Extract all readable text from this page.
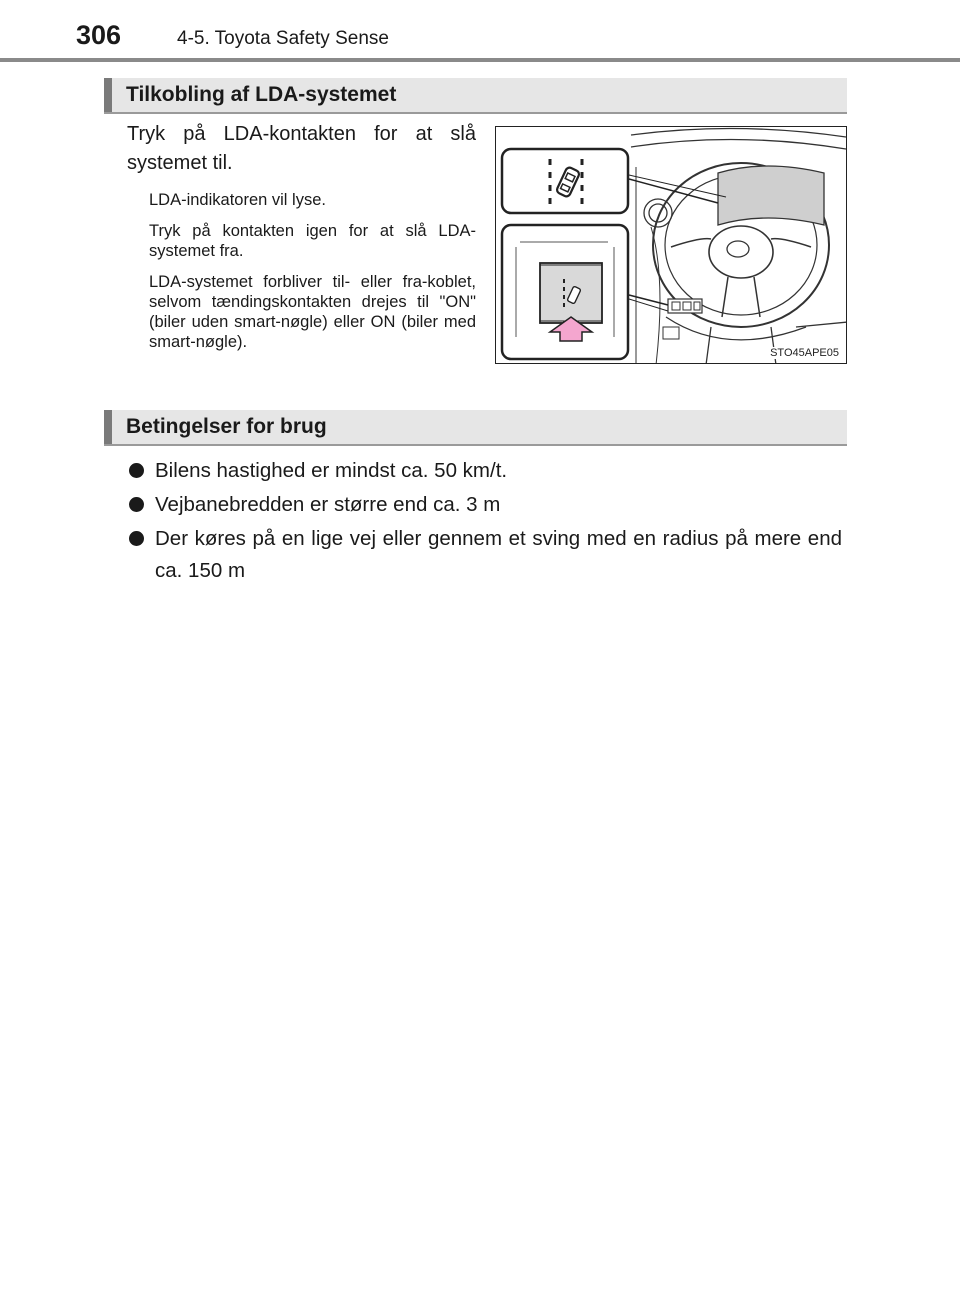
306	4-5. Toyota Safety Sense
Tilkobling af LDA-systemet

Tryk på LDA-kontakten for at slå systemet til.

LDA-indikatoren vil lyse.

Tryk på kontakten igen for at slå LDA-systemet fra.

LDA-systemet forbliver til- eller fra-koblet, selvom tændingskontakten drejes til "ON" (biler uden smart-nøgle) eller ON (biler med smart-nøgle).

STO45APE05
Betingelser for brug
Bilens hastighed er mindst ca. 50 km/t.
Vejbanebredden er større end ca. 3 m
Der køres på en lige vej eller gennem et sving med en radius på mere end ca. 150 m
